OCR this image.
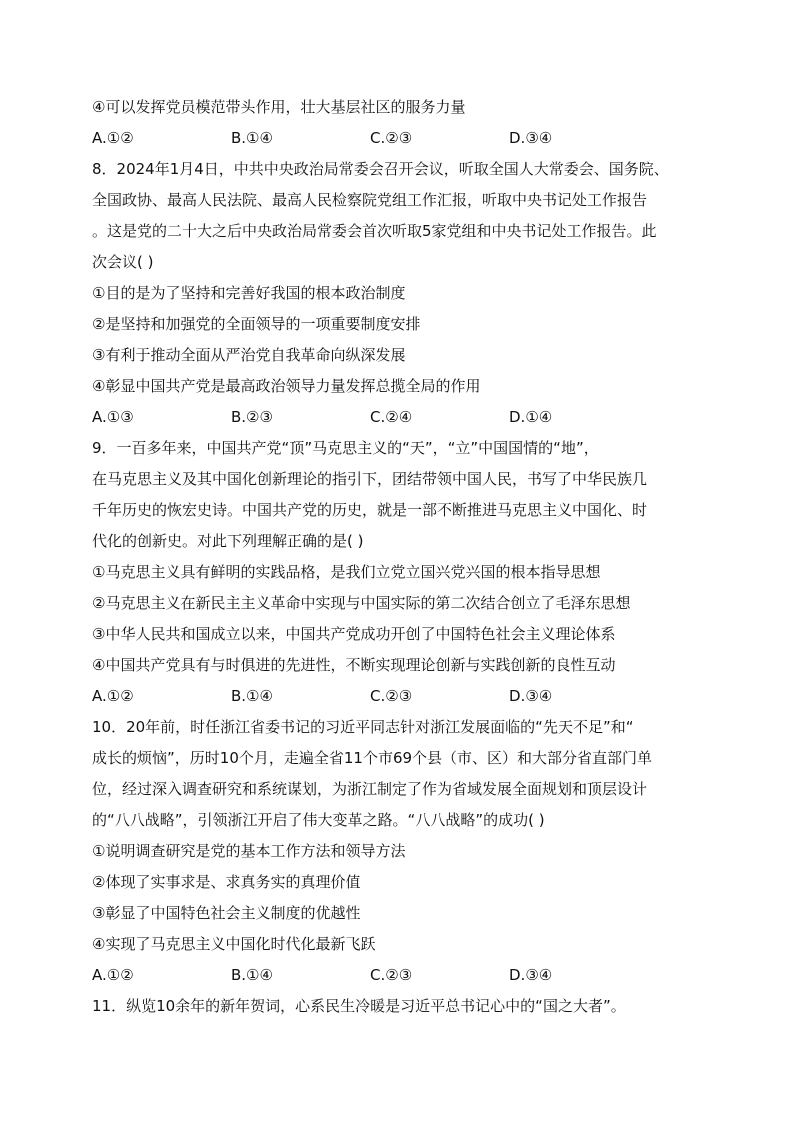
④可以发挥党员模范带头作用，壮大基层社区的服务力量
A.①②	B.①④	C.②③	D.③④
8．2024年1月4日，中共中央政治局常委会召开会议，听取全国人大常委会、国务院、
全国政协、最高人民法院、最高人民检察院党组工作汇报，听取中央书记处工作报告
。这是党的二十大之后中央政治局常委会首次听取5家党组和中央书记处工作报告。此
次会议( )
①目的是为了坚持和完善好我国的根本政治制度
②是坚持和加强党的全面领导的一项重要制度安排
③有利于推动全面从严治党自我革命向纵深发展
④彰显中国共产党是最高政治领导力量发挥总揽全局的作用
A.①③	B.②③	C.②④	D.①④
9．一百多年来，中国共产党“顶”马克思主义的“天”，“立”中国国情的“地”，
在马克思主义及其中国化创新理论的指引下，团结带领中国人民，书写了中华民族几
千年历史的恢宏史诗。中国共产党的历史，就是一部不断推进马克思主义中国化、时
代化的创新史。对此下列理解正确的是( )
①马克思主义具有鲜明的实践品格，是我们立党立国兴党兴国的根本指导思想
②马克思主义在新民主主义革命中实现与中国实际的第二次结合创立了毛泽东思想
③中华人民共和国成立以来，中国共产党成功开创了中国特色社会主义理论体系
④中国共产党具有与时俱进的先进性，不断实现理论创新与实践创新的良性互动
A.①②	B.①④	C.②③	D.③④
10．20年前，时任浙江省委书记的习近平同志针对浙江发展面临的“先天不足”和“
成长的烦恼”，历时10个月，走遍全省11个市69个县（市、区）和大部分省直部门单
位，经过深入调查研究和系统谋划，为浙江制定了作为省域发展全面规划和顶层设计
的“八八战略”，引领浙江开启了伟大变革之路。“八八战略”的成功( )
①说明调查研究是党的基本工作方法和领导方法
②体现了实事求是、求真务实的真理价值
③彰显了中国特色社会主义制度的优越性
④实现了马克思主义中国化时代化最新飞跃
A.①②	B.①④	C.②③	D.③④
11．纵览10余年的新年贺词，心系民生冷暖是习近平总书记心中的“国之大者”。
